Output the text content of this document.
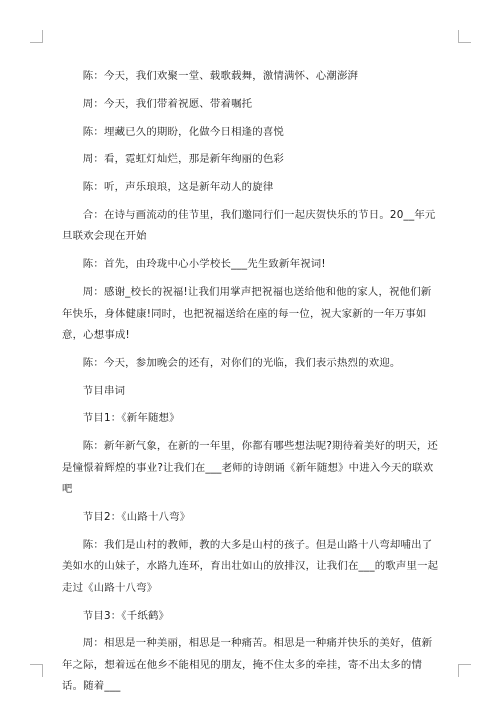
陈：今天，我们欢聚一堂、载歌载舞，激情满怀、心潮澎湃

周：今天，我们带着祝愿、带着嘱托

陈：埋藏已久的期盼，化做今日相逢的喜悦

周：看，霓虹灯灿烂，那是新年绚丽的色彩

陈：听，声乐琅琅，这是新年动人的旋律

合：在诗与画流动的佳节里，我们邀同行们一起庆贺快乐的节日。20__年元旦联欢会现在开始

陈：首先，由玲珑中心小学校长___先生致新年祝词!

周：感谢_校长的祝福!让我们用掌声把祝福也送给他和他的家人，祝他们新年快乐，身体健康!同时，也把祝福送给在座的每一位，祝大家新的一年万事如意，心想事成!

陈：今天，参加晚会的还有，对你们的光临，我们表示热烈的欢迎。

节目串词

节目1：《新年随想》

陈：新年新气象，在新的一年里，你都有哪些想法呢?期待着美好的明天，还是憧憬着辉煌的事业?让我们在___老师的诗朗诵《新年随想》中进入今天的联欢吧

节目2：《山路十八弯》

陈：我们是山村的教师，教的大多是山村的孩子。但是山路十八弯却哺出了美如水的山妹子，水路九连环，育出壮如山的放排汉，让我们在___的歌声里一起走过《山路十八弯》

节目3：《千纸鹤》

周：相思是一种美丽，相思是一种痛苦。相思是一种痛并快乐的美好，值新年之际，想着远在他乡不能相见的朋友，掩不住太多的牵挂，寄不出太多的情话。随着___
